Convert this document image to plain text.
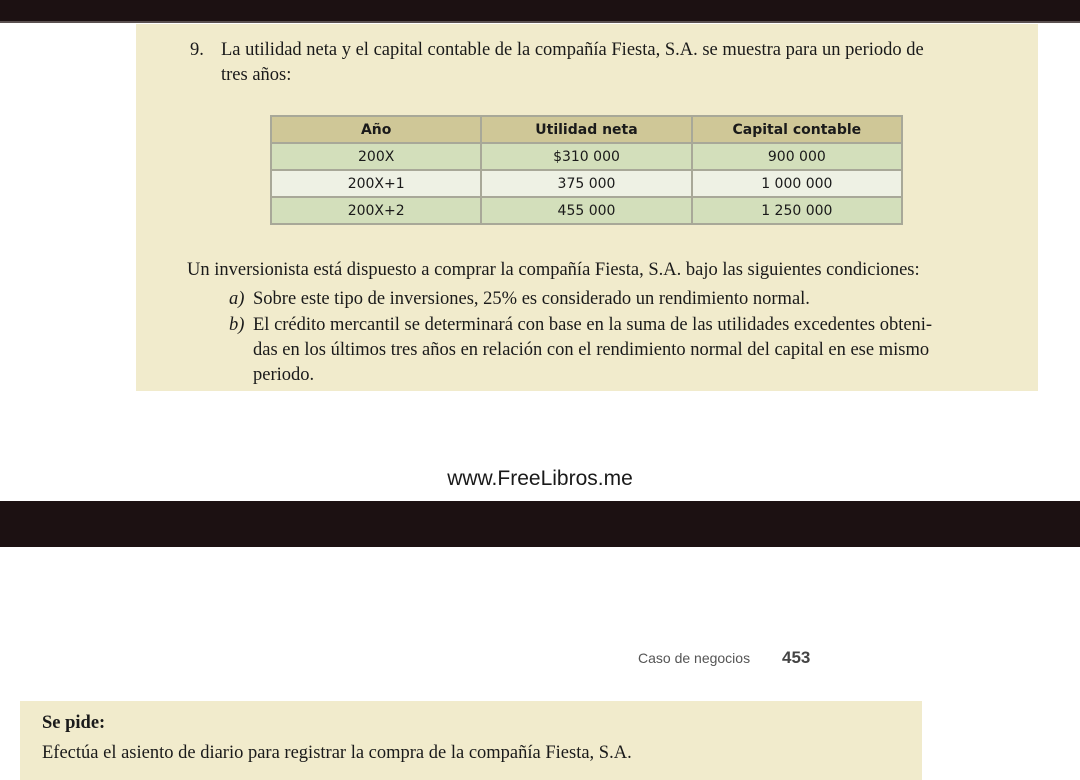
9. La utilidad neta y el capital contable de la compañía Fiesta, S.A. se muestra para un periodo de
tres años:
Año	Utilidad neta	Capital contable
200X	$310 000	900 000
200X+1	375 000	1 000 000
200X+2	455 000	1 250 000
Un inversionista está dispuesto a comprar la compañía Fiesta, S.A. bajo las siguientes condiciones:
a) Sobre este tipo de inversiones, 25% es considerado un rendimiento normal.
b) El crédito mercantil se determinará con base en la suma de las utilidades excedentes obteni-
das en los últimos tres años en relación con el rendimiento normal del capital en ese mismo
periodo.
www.FreeLibros.me
Caso de negocios 453
Se pide:
Efectúa el asiento de diario para registrar la compra de la compañía Fiesta, S.A.
